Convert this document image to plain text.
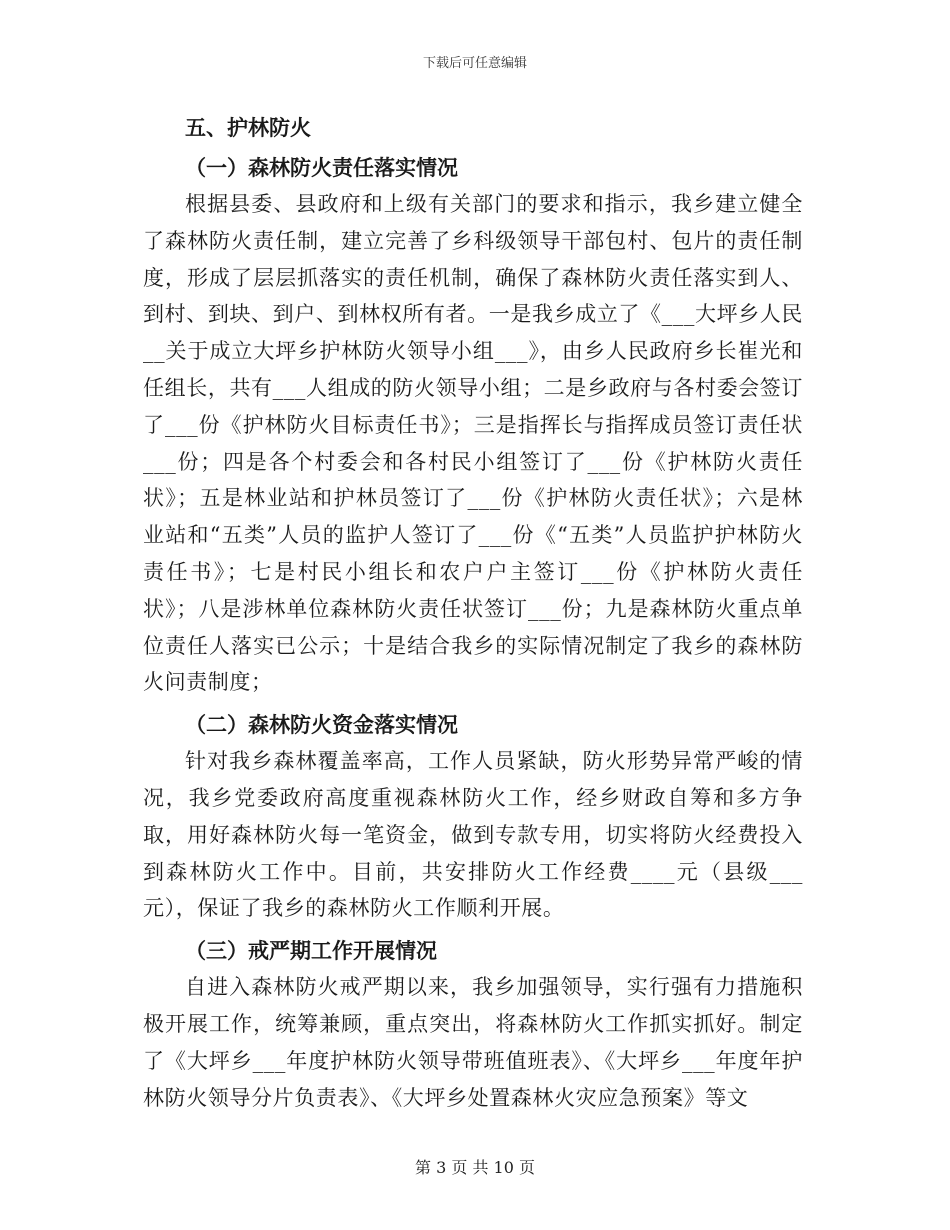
下载后可任意编辑
五、护林防火
（一）森林防火责任落实情况

根据县委、县政府和上级有关部门的要求和指示，我乡建立健全了森林防火责任制，建立完善了乡科级领导干部包村、包片的责任制度，形成了层层抓落实的责任机制，确保了森林防火责任落实到人、到村、到块、到户、到林权所有者。一是我乡成立了《___大坪乡人民__关于成立大坪乡护林防火领导小组___》，由乡人民政府乡长崔光和任组长，共有___人组成的防火领导小组；二是乡政府与各村委会签订了___份《护林防火目标责任书》；三是指挥长与指挥成员签订责任状___份；四是各个村委会和各村民小组签订了___份《护林防火责任状》；五是林业站和护林员签订了___份《护林防火责任状》；六是林业站和“五类”人员的监护人签订了___份《“五类”人员监护护林防火责任书》；七是村民小组长和农户户主签订___份《护林防火责任状》；八是涉林单位森林防火责任状签订___份；九是森林防火重点单位责任人落实已公示；十是结合我乡的实际情况制定了我乡的森林防火问责制度；

（二）森林防火资金落实情况

针对我乡森林覆盖率高，工作人员紧缺，防火形势异常严峻的情况，我乡党委政府高度重视森林防火工作，经乡财政自筹和多方争取，用好森林防火每一笔资金，做到专款专用，切实将防火经费投入到森林防火工作中。目前，共安排防火工作经费____元（县级___元），保证了我乡的森林防火工作顺利开展。

（三）戒严期工作开展情况

自进入森林防火戒严期以来，我乡加强领导，实行强有力措施积极开展工作，统筹兼顾，重点突出，将森林防火工作抓实抓好。制定了《大坪乡___年度护林防火领导带班值班表》、《大坪乡___年度年护林防火领导分片负责表》、《大坪乡处置森林火灾应急预案》等文

第 3 页 共 10 页
